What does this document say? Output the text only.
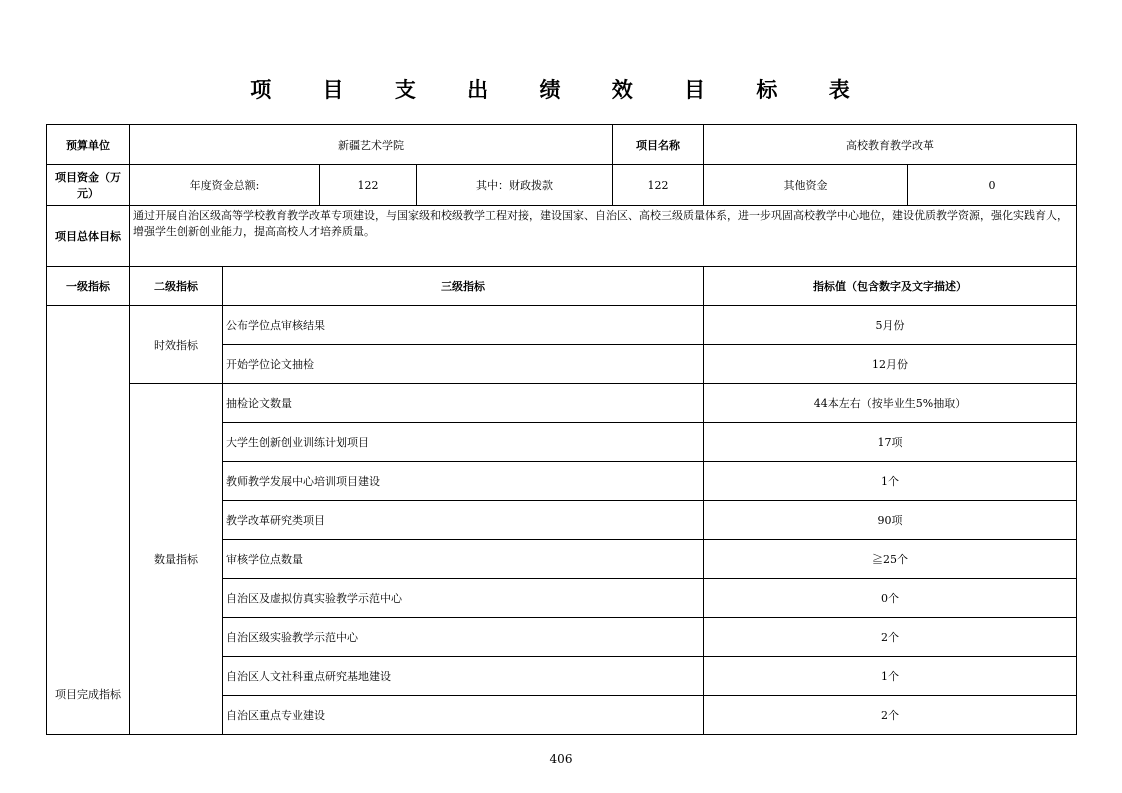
项 目 支 出 绩 效 目 标 表
预算单位	新疆艺术学院				项目名称	高校教育教学改革	
项目资金（万元）	年度资金总额:		122	其中：财政拨款	122	其他资金	0
项目总体目标	通过开展自治区级高等学校教育教学改革专项建设，与国家级和校级教学工程对接，建设国家、自治区、高校三级质量体系，进一步巩固高校教学中心地位，建设优质教学资源，强化实践育人，增强学生创新创业能力，提高高校人才培养质量。						
一级指标	二级指标	三级指标				指标值（包含数字及文字描述）	
项目完成指标	时效指标	公布学位点审核结果				5月份	
		开始学位论文抽检				12月份	
	数量指标	抽检论文数量				44本左右（按毕业生5%抽取）	
		大学生创新创业训练计划项目				17项	
		教师教学发展中心培训项目建设				1个	
		教学改革研究类项目				90项	
		审核学位点数量				≧25个	
		自治区及虚拟仿真实验教学示范中心				0个	
		自治区级实验教学示范中心				2个	
		自治区人文社科重点研究基地建设				1个	
		自治区重点专业建设				2个	
406
